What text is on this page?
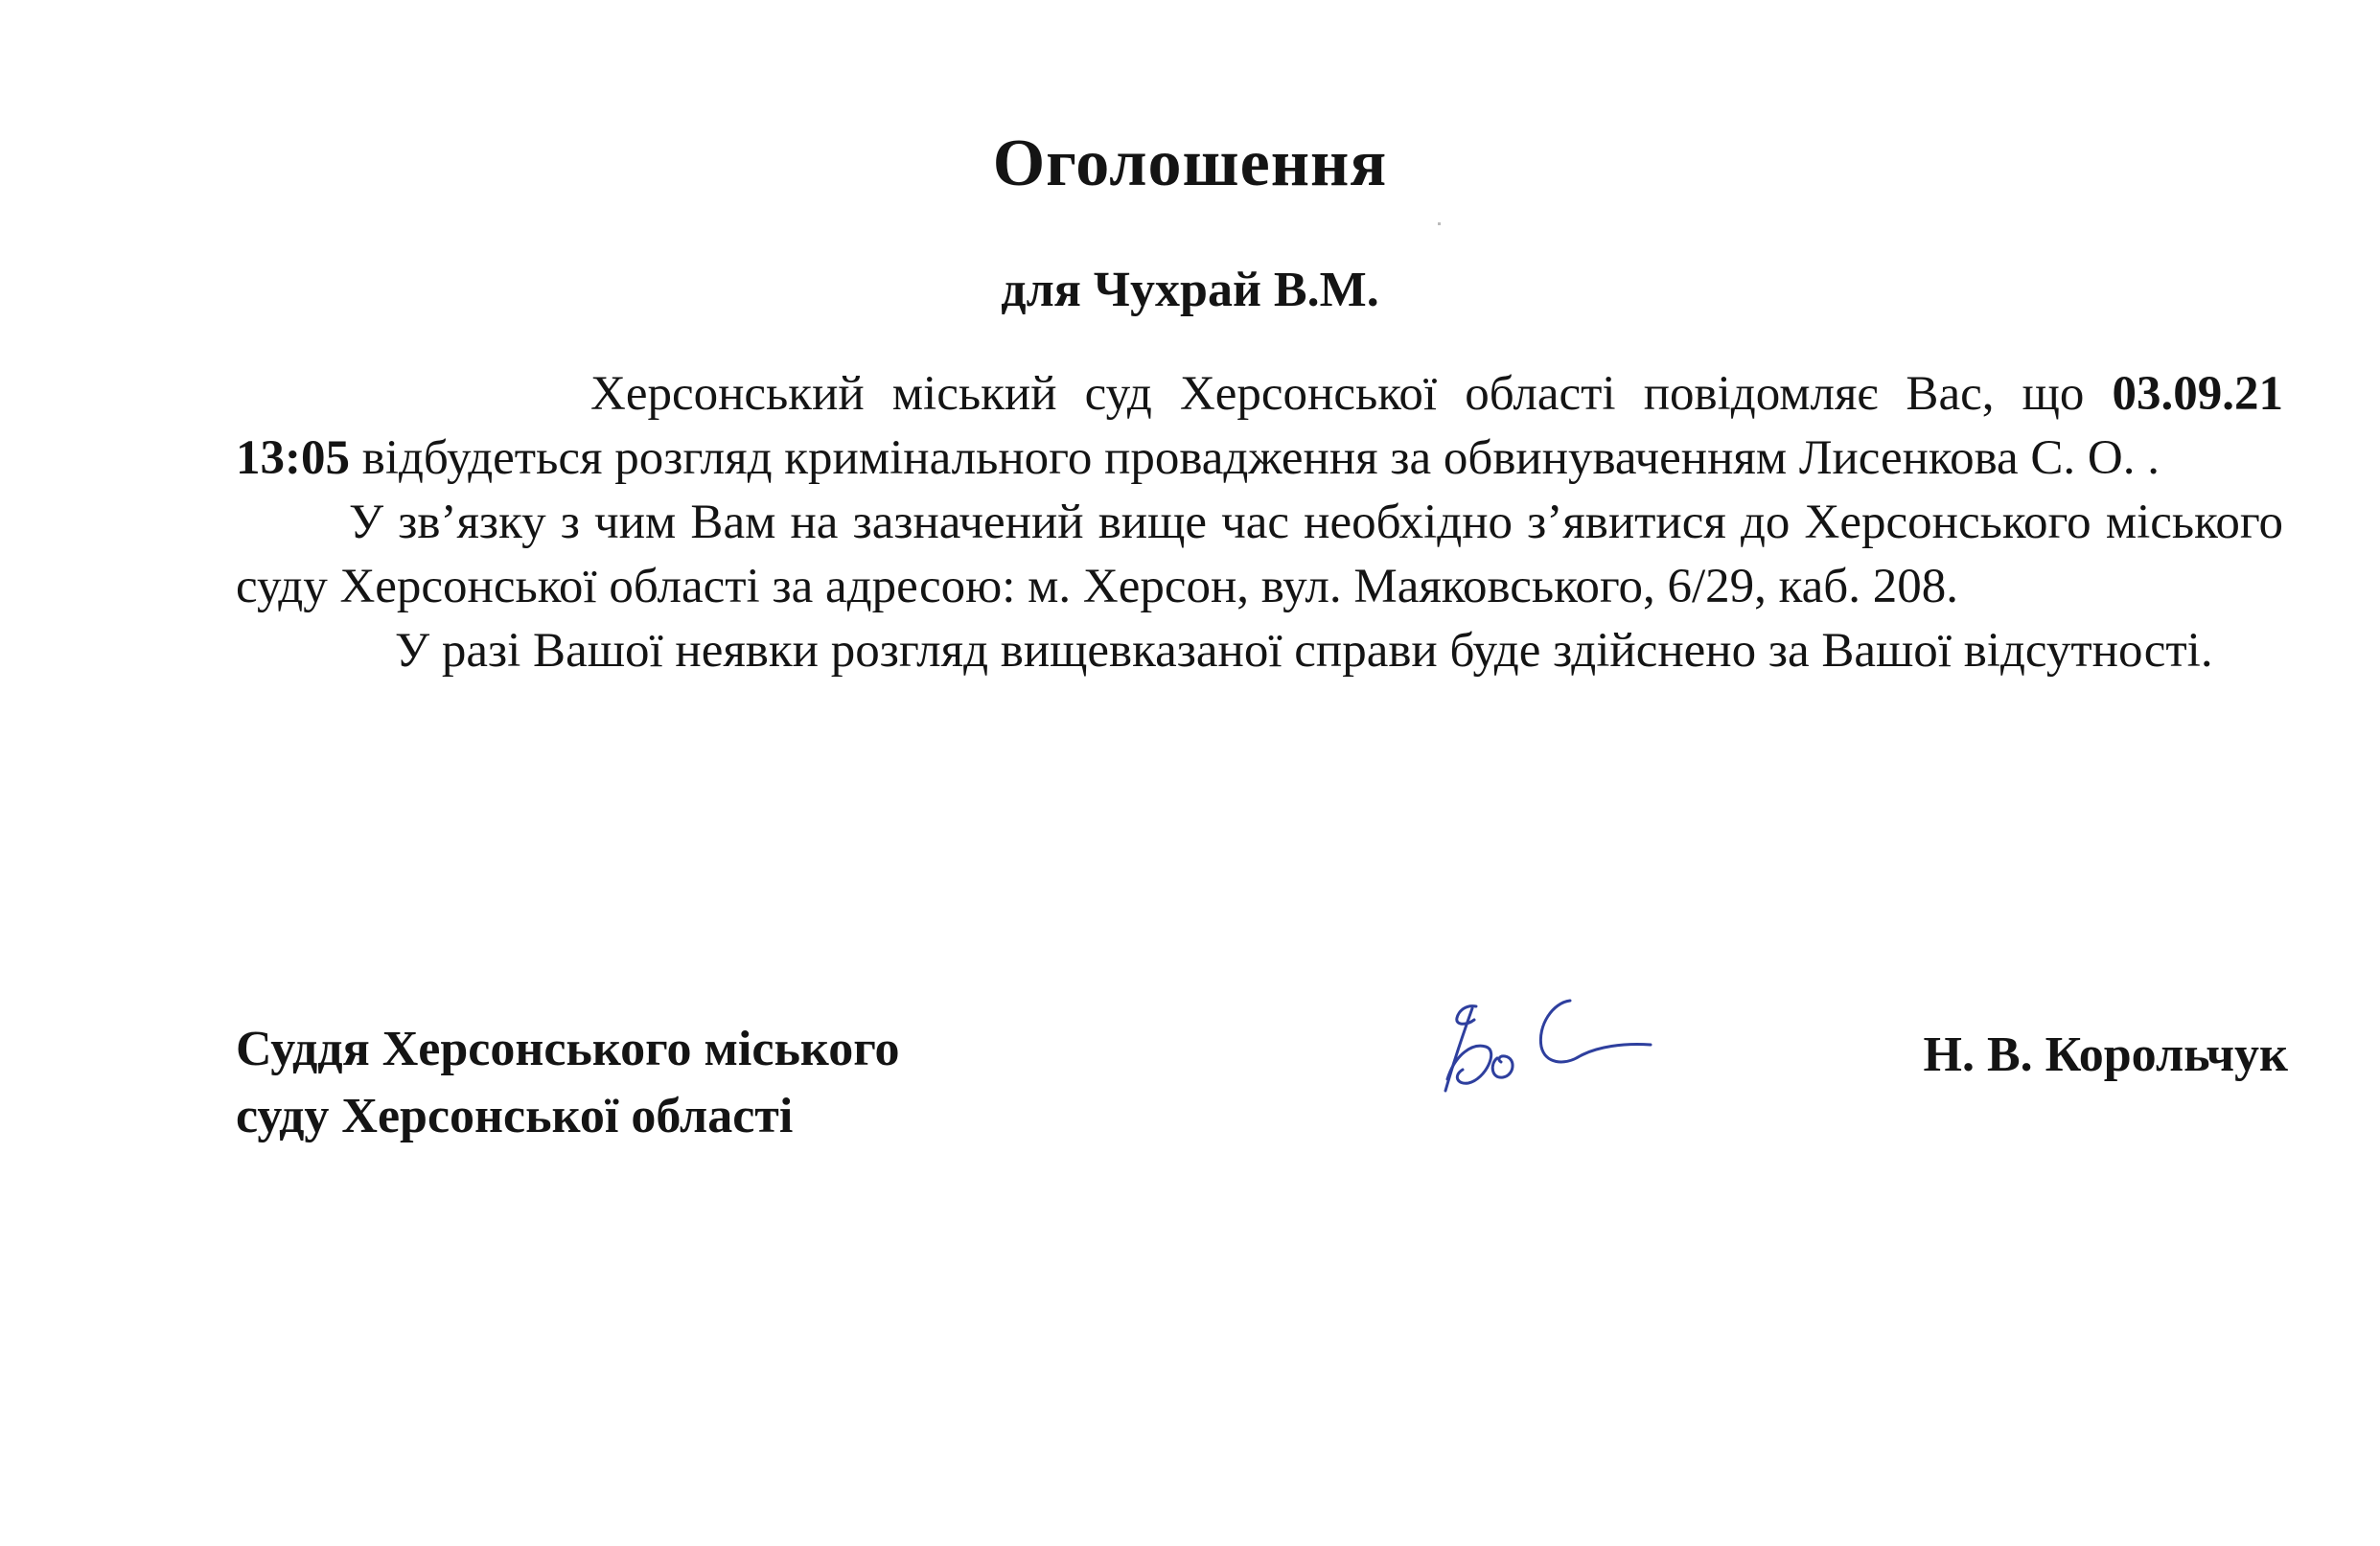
Оголошення
для Чухрай В.М.

Херсонський міський суд Херсонської області повідомляє Вас, що 03.09.21 13:05 відбудеться розгляд кримінального провадження за обвинуваченням Лисенкова С. О. .

У зв’язку з чим Вам на зазначений вище час необхідно з’явитися до Херсонського міського суду Херсонської області за адресою: м. Херсон, вул. Маяковського, 6/29, каб. 208.

У разі Вашої неявки розгляд вищевказаної справи буде здійснено за Вашої відсутності.

Суддя Херсонського міського
суду Херсонської області
Н. В. Корольчук
